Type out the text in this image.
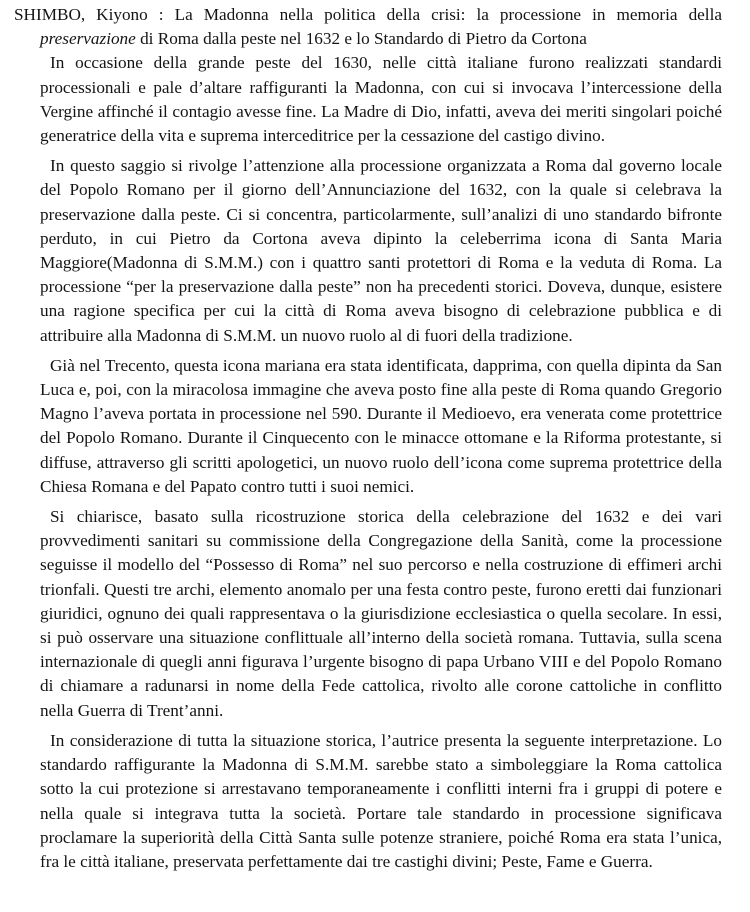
SHIMBO, Kiyono : La Madonna nella politica della crisi: la processione in memoria della
preservazione di Roma dalla peste nel 1632 e lo Standardo di Pietro da Cortona

In occasione della grande peste del 1630, nelle città italiane furono realizzati standardi processionali e pale d’altare raffiguranti la Madonna, con cui si invocava l’intercessione della Vergine affinché il contagio avesse fine. La Madre di Dio, infatti, aveva dei meriti singolari poiché generatrice della vita e suprema interceditrice per la cessazione del castigo divino.

In questo saggio si rivolge l’attenzione alla processione organizzata a Roma dal governo locale del Popolo Romano per il giorno dell’Annunciazione del 1632, con la quale si celebrava la preservazione dalla peste. Ci si concentra, particolarmente, sull’analizi di uno standardo bifronte perduto, in cui Pietro da Cortona aveva dipinto la celeberrima icona di Santa Maria Maggiore(Madonna di S.M.M.) con i quattro santi protettori di Roma e la veduta di Roma. La processione “per la preservazione dalla peste” non ha precedenti storici. Doveva, dunque, esistere una ragione specifica per cui la città di Roma aveva bisogno di celebrazione pubblica e di attribuire alla Madonna di S.M.M. un nuovo ruolo al di fuori della tradizione.

Già nel Trecento, questa icona mariana era stata identificata, dapprima, con quella dipinta da San Luca e, poi, con la miracolosa immagine che aveva posto fine alla peste di Roma quando Gregorio Magno l’aveva portata in processione nel 590. Durante il Medioevo, era venerata come protettrice del Popolo Romano. Durante il Cinquecento con le minacce ottomane e la Riforma protestante, si diffuse, attraverso gli scritti apologetici, un nuovo ruolo dell’icona come suprema protettrice della Chiesa Romana e del Papato contro tutti i suoi nemici.

Si chiarisce, basato sulla ricostruzione storica della celebrazione del 1632 e dei vari provvedimenti sanitari su commissione della Congregazione della Sanità, come la processione seguisse il modello del “Possesso di Roma” nel suo percorso e nella costruzione di effimeri archi trionfali. Questi tre archi, elemento anomalo per una festa contro peste, furono eretti dai funzionari giuridici, ognuno dei quali rappresentava o la giurisdizione ecclesiastica o quella secolare. In essi, si può osservare una situazione conflittuale all’interno della società romana. Tuttavia, sulla scena internazionale di quegli anni figurava l’urgente bisogno di papa Urbano VIII e del Popolo Romano di chiamare a radunarsi in nome della Fede cattolica, rivolto alle corone cattoliche in conflitto nella Guerra di Trent’anni.

In considerazione di tutta la situazione storica, l’autrice presenta la seguente interpretazione. Lo standardo raffigurante la Madonna di S.M.M. sarebbe stato a simboleggiare la Roma cattolica sotto la cui protezione si arrestavano temporaneamente i conflitti interni fra i gruppi di potere e nella quale si integrava tutta la società. Portare tale standardo in processione significava proclamare la superiorità della Città Santa sulle potenze straniere, poiché Roma era stata l’unica, fra le città italiane, preservata perfettamente dai tre castighi divini; Peste, Fame e Guerra.
